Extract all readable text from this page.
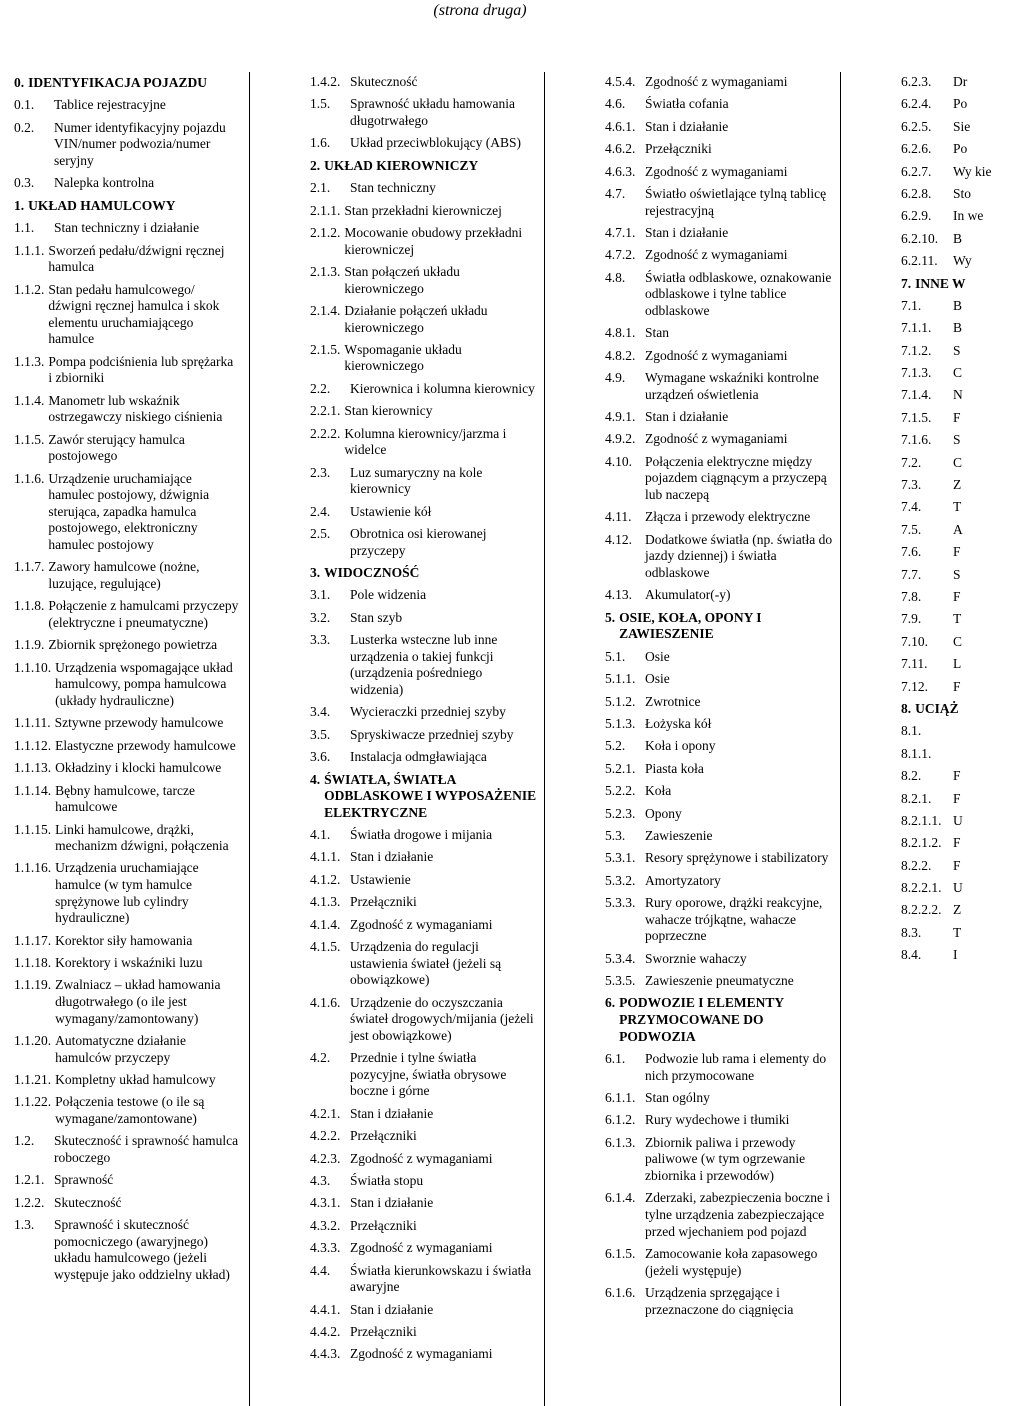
(strona druga)
0. IDENTYFIKACJA POJAZDU
0.1.	Tablice rejestracyjne
0.2.	Numer identyfikacyjny pojazdu VIN/numer podwozia/numer seryjny
0.3.	Nalepka kontrolna
1. UKŁAD HAMULCOWY
1.1.	Stan techniczny i działanie
1.1.1. Sworzeń pedału/dźwigni ręcznej hamulca
1.1.2. Stan pedału hamulcowego/ dźwigni ręcznej hamulca i skok elementu uruchamiającego hamulce
1.1.3. Pompa podciśnienia lub sprężarka i zbiorniki
1.1.4. Manometr lub wskaźnik ostrzegawczy niskiego ciśnienia
1.1.5. Zawór sterujący hamulca postojowego
1.1.6. Urządzenie uruchamiające hamulec postojowy, dźwignia sterująca, zapadka hamulca postojowego, elektroniczny hamulec postojowy
1.1.7. Zawory hamulcowe (nożne, luzujące, regulujące)
1.1.8. Połączenie z hamulcami przyczepy (elektryczne i pneumatyczne)
1.1.9. Zbiornik sprężonego powietrza
1.1.10. Urządzenia wspomagające układ hamulcowy, pompa hamulcowa (układy hydrauliczne)
1.1.11. Sztywne przewody hamulcowe
1.1.12. Elastyczne przewody hamulcowe
1.1.13. Okładziny i klocki hamulcowe
1.1.14. Bębny hamulcowe, tarcze hamulcowe
1.1.15. Linki hamulcowe, drążki, mechanizm dźwigni, połączenia
1.1.16. Urządzenia uruchamiające hamulce (w tym hamulce sprężynowe lub cylindry hydrauliczne)
1.1.17. Korektor siły hamowania
1.1.18. Korektory i wskaźniki luzu
1.1.19. Zwalniacz – układ hamowania długotrwałego (o ile jest wymagany/zamontowany)
1.1.20. Automatyczne działanie hamulców przyczepy
1.1.21. Kompletny układ hamulcowy
1.1.22. Połączenia testowe (o ile są wymagane/zamontowane)
1.2.	Skuteczność i sprawność hamulca roboczego
1.2.1. Sprawność
1.2.2. Skuteczność
1.3.	Sprawność i skuteczność pomocniczego (awaryjnego) układu hamulcowego (jeżeli występuje jako oddzielny układ)
1.4.2. Skuteczność
1.5.	Sprawność układu hamowania długotrwałego
1.6.	Układ przeciwblokujący (ABS)
2. UKŁAD KIEROWNICZY
2.1.	Stan techniczny
2.1.1. Stan przekładni kierowniczej
2.1.2. Mocowanie obudowy przekładni kierowniczej
2.1.3. Stan połączeń układu kierowniczego
2.1.4. Działanie połączeń układu kierowniczego
2.1.5. Wspomaganie układu kierowniczego
2.2.	Kierownica i kolumna kierownicy
2.2.1. Stan kierownicy
2.2.2. Kolumna kierownicy/jarzma i widelce
2.3.	Luz sumaryczny na kole kierownicy
2.4.	Ustawienie kół
2.5.	Obrotnica osi kierowanej przyczepy
3. WIDOCZNOŚĆ
3.1.	Pole widzenia
3.2.	Stan szyb
3.3.	Lusterka wsteczne lub inne urządzenia o takiej funkcji (urządzenia pośredniego widzenia)
3.4.	Wycieraczki przedniej szyby
3.5.	Spryskiwacze przedniej szyby
3.6.	Instalacja odmgławiająca
4. ŚWIATŁA, ŚWIATŁA ODBLASKOWE I WYPOSAŻENIE ELEKTRYCZNE
4.1.	Światła drogowe i mijania
4.1.1. Stan i działanie
4.1.2. Ustawienie
4.1.3. Przełączniki
4.1.4. Zgodność z wymaganiami
4.1.5. Urządzenia do regulacji ustawienia świateł (jeżeli są obowiązkowe)
4.1.6. Urządzenie do oczyszczania świateł drogowych/mijania (jeżeli jest obowiązkowe)
4.2.	Przednie i tylne światła pozycyjne, światła obrysowe boczne i górne
4.2.1. Stan i działanie
4.2.2. Przełączniki
4.2.3. Zgodność z wymaganiami
4.3.	Światła stopu
4.3.1. Stan i działanie
4.3.2. Przełączniki
4.3.3. Zgodność z wymaganiami
4.4.	Światła kierunkowskazu i światła awaryjne
4.4.1. Stan i działanie
4.4.2. Przełączniki
4.4.3. Zgodność z wymaganiami
4.5.4. Zgodność z wymaganiami
4.6.	Światła cofania
4.6.1. Stan i działanie
4.6.2. Przełączniki
4.6.3. Zgodność z wymaganiami
4.7.	Światło oświetlające tylną tablicę rejestracyjną
4.7.1. Stan i działanie
4.7.2. Zgodność z wymaganiami
4.8.	Światła odblaskowe, oznakowanie odblaskowe i tylne tablice odblaskowe
4.8.1. Stan
4.8.2. Zgodność z wymaganiami
4.9.	Wymagane wskaźniki kontrolne urządzeń oświetlenia
4.9.1. Stan i działanie
4.9.2. Zgodność z wymaganiami
4.10. Połączenia elektryczne między pojazdem ciągnącym a przyczepą lub naczepą
4.11.	Złącza i przewody elektryczne
4.12. Dodatkowe światła (np. światła do jazdy dziennej) i światła odblaskowe
4.13. Akumulator(-y)
5. OSIE, KOŁA, OPONY I ZAWIESZENIE
5.1.	Osie
5.1.1. Osie
5.1.2. Zwrotnice
5.1.3. Łożyska kół
5.2.	Koła i opony
5.2.1. Piasta koła
5.2.2. Koła
5.2.3. Opony
5.3.	Zawieszenie
5.3.1. Resory sprężynowe i stabilizatory
5.3.2. Amortyzatory
5.3.3. Rury oporowe, drążki reakcyjne, wahacze trójkątne, wahacze poprzeczne
5.3.4. Sworznie wahaczy
5.3.5. Zawieszenie pneumatyczne
6. PODWOZIE I ELEMENTY PRZYMOCOWANE DO PODWOZIA
6.1.	Podwozie lub rama i elementy do nich przymocowane
6.1.1. Stan ogólny
6.1.2. Rury wydechowe i tłumiki
6.1.3. Zbiornik paliwa i przewody paliwowe (w tym ogrzewanie zbiornika i przewodów)
6.1.4. Zderzaki, zabezpieczenia boczne i tylne urządzenia zabezpieczające przed wjechaniem pod pojazd
6.1.5. Zamocowanie koła zapasowego (jeżeli występuje)
6.1.6. Urządzenia sprzęgające i przeznaczone do ciągnięcia
6.2.3.	Dr
6.2.4.	Po
6.2.5.	Sie
6.2.6.	Po
6.2.7.	Wy kie
6.2.8.	Sto
6.2.9.	In we
6.2.10.	B
6.2.11.	Wy
7. INNE W
7.1.	B
7.1.1.	B
7.1.2.	S
7.1.3.	C
7.1.4.	N
7.1.5.	F
7.1.6.	S
7.2.	C
7.3.	Z
7.4.	T
7.5.	A
7.6.	F
7.7.	S
7.8.	F
7.9.	T
7.10.	C
7.11.	L
7.12.	F
8. UCIĄŻ
8.1.
8.1.1.
8.2.	F
8.2.1.	F
8.2.1.1. U
8.2.1.2. F
8.2.2.	F
8.2.2.1. U
8.2.2.2. Z
8.3.	T
8.4.	I
